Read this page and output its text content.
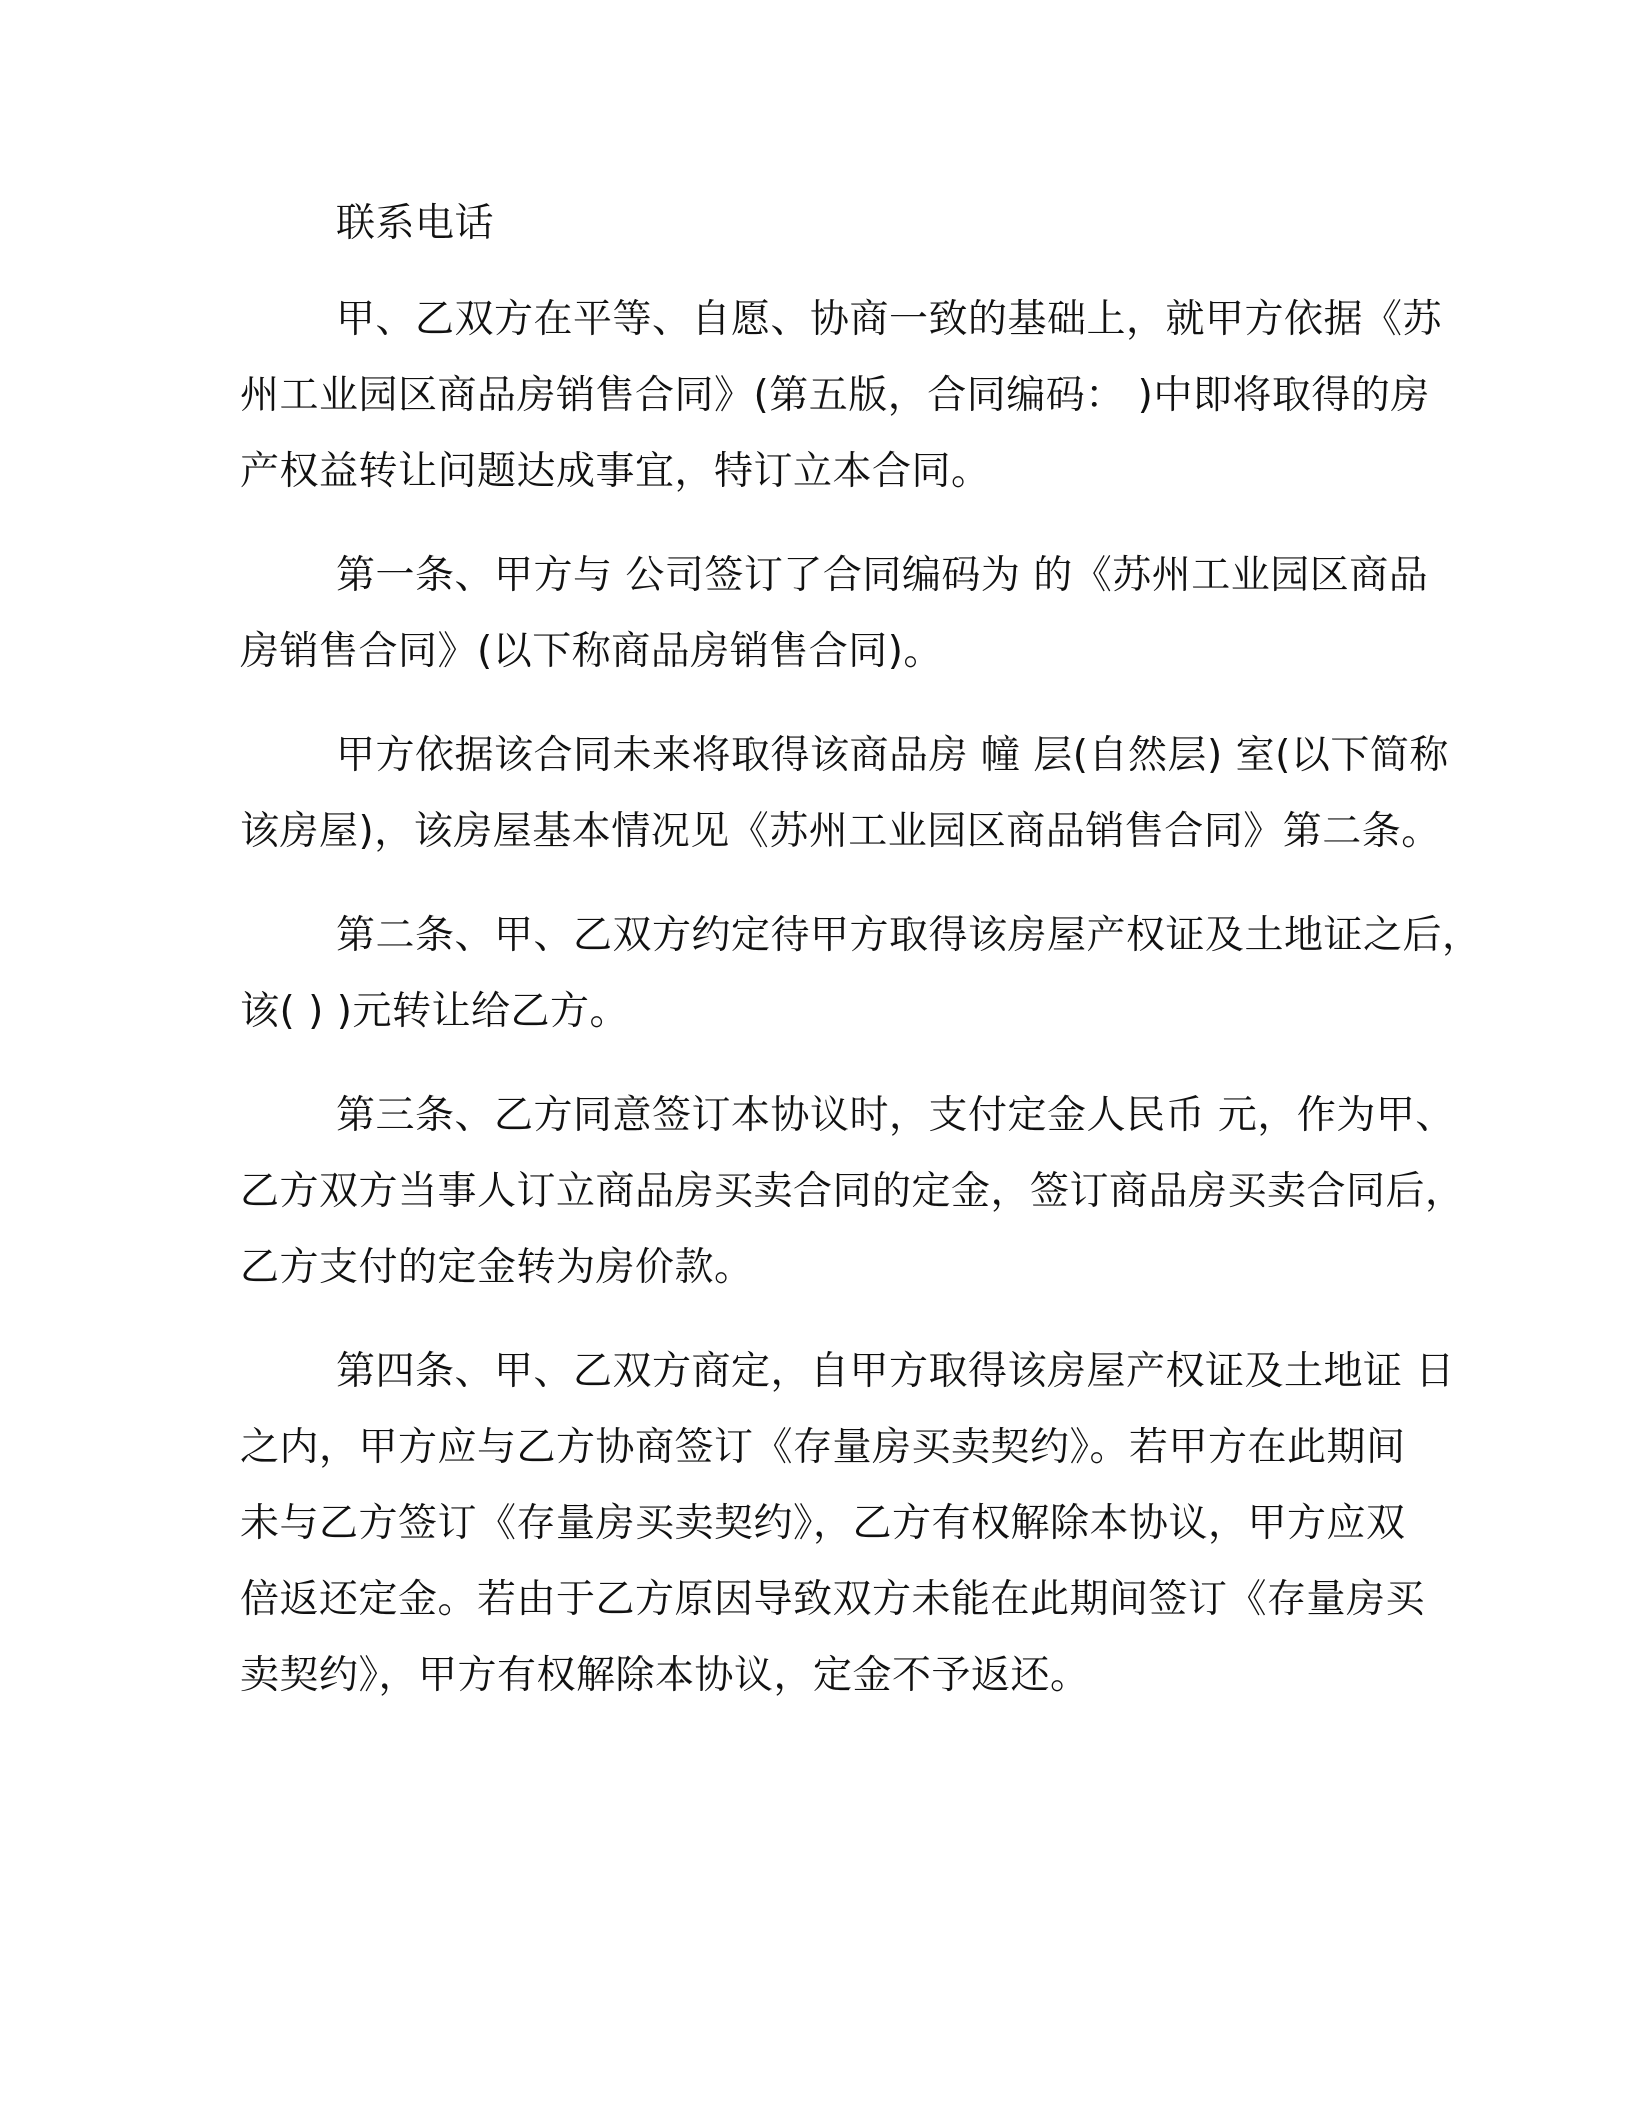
联系电话

甲、乙双方在平等、自愿、协商一致的基础上，就甲方依据《苏
州工业园区商品房销售合同》(第五版，合同编码： )中即将取得的房
产权益转让问题达成事宜，特订立本合同。

第一条、甲方与 公司签订了合同编码为 的《苏州工业园区商品
房销售合同》(以下称商品房销售合同)。

甲方依据该合同未来将取得该商品房 幢 层(自然层) 室(以下简称
该房屋)，该房屋基本情况见《苏州工业园区商品销售合同》第二条。

第二条、甲、乙双方约定待甲方取得该房屋产权证及土地证之后，
该( ) )元转让给乙方。

第三条、乙方同意签订本协议时，支付定金人民币 元，作为甲、
乙方双方当事人订立商品房买卖合同的定金，签订商品房买卖合同后，
乙方支付的定金转为房价款。

第四条、甲、乙双方商定，自甲方取得该房屋产权证及土地证 日
之内，甲方应与乙方协商签订《存量房买卖契约》。若甲方在此期间
未与乙方签订《存量房买卖契约》，乙方有权解除本协议，甲方应双
倍返还定金。若由于乙方原因导致双方未能在此期间签订《存量房买
卖契约》，甲方有权解除本协议，定金不予返还。
